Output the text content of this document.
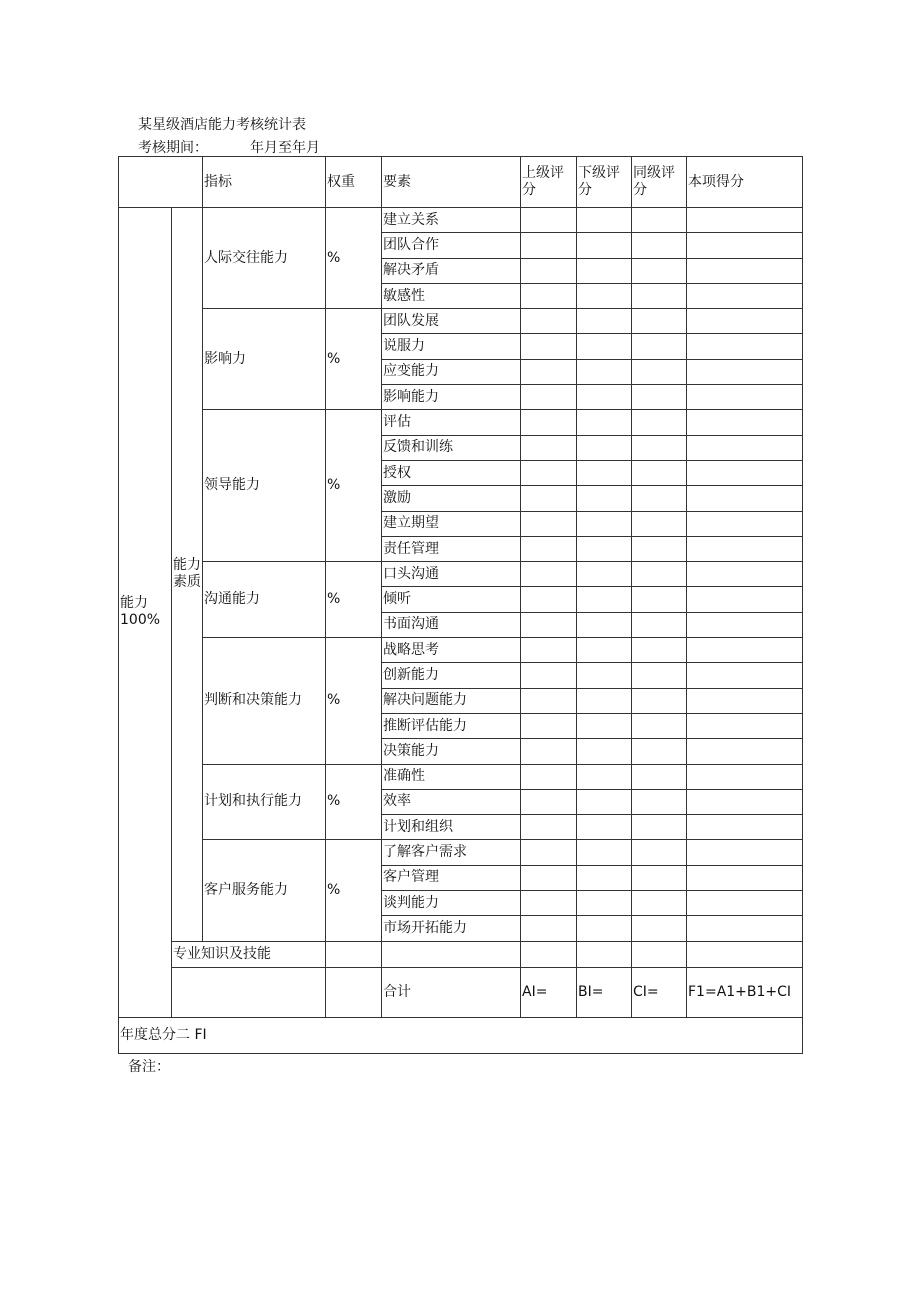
某星级酒店能力考核统计表
考核期间：	年月至年月
		指标	权重	要素	上级评分	下级评分	同级评分	本项得分
能力100%	能力素质	人际交往能力	%	建立关系				
				团队合作				
				解决矛盾				
				敏感性				
		影响力	%	团队发展				
				说服力				
				应变能力				
				影响能力				
		领导能力	%	评估				
				反馈和训练				
				授权				
				激励				
				建立期望				
				责任管理				
		沟通能力	%	口头沟通				
				倾听				
				书面沟通				
		判断和决策能力	%	战略思考				
				创新能力				
				解决问题能力				
				推断评估能力				
				决策能力				
		计划和执行能力	%	准确性				
				效率				
				计划和组织				
		客户服务能力	%	了解客户需求				
				客户管理				
				谈判能力				
				市场开拓能力				
	专业知识及技能							
				合计	AI=	BI=	CI=	F1=A1+B1+CI
年度总分二 FI								
备注：
